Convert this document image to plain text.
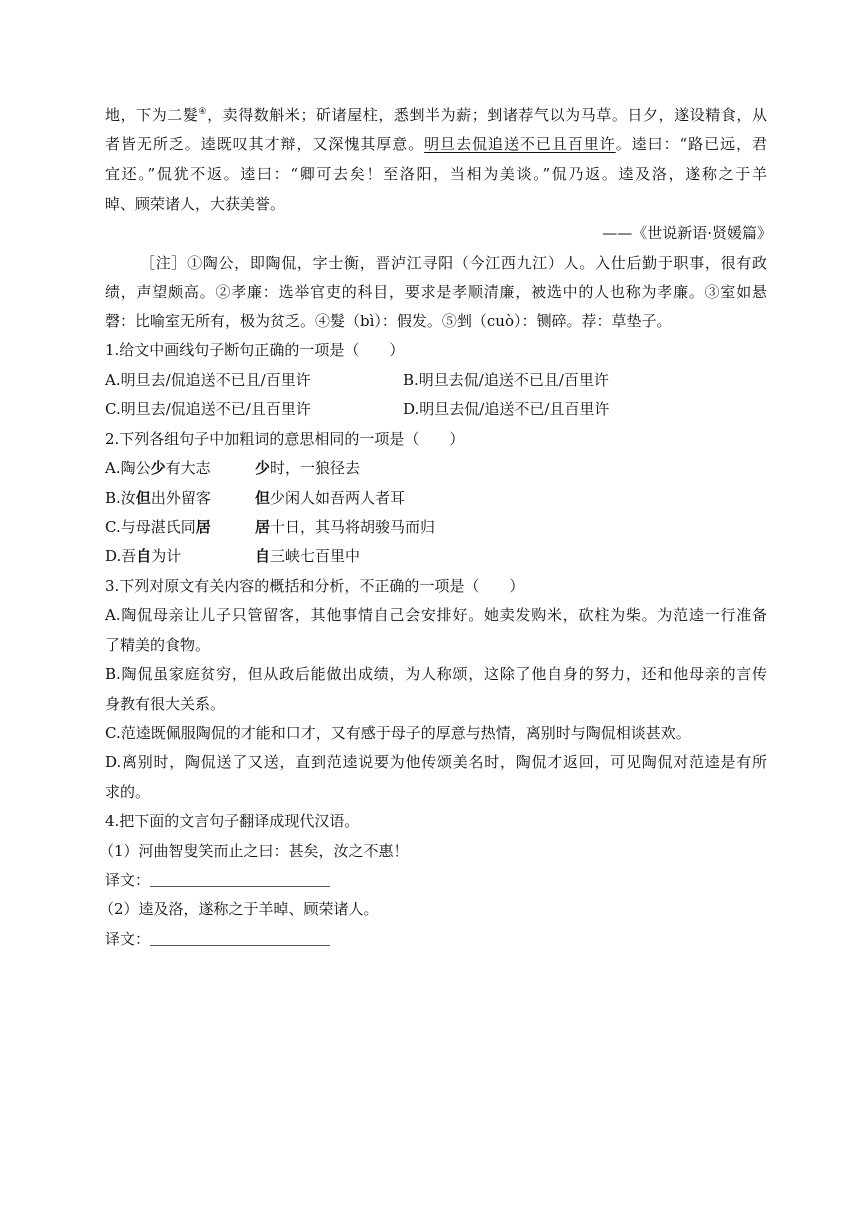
地，下为二髮④，卖得数斛米；斫诸屋柱，悉剉半为薪；剉诸荐气以为马草。日夕，遂设精食，从
者皆无所乏。逵既叹其才辩，又深愧其厚意。明旦去侃追送不已且百里许。逵曰：“路已远，君
宜还。”侃犹不返。逵曰：“卿可去矣！至洛阳，当相为美谈。”侃乃返。逵及洛，遂称之于羊
晫、顾荣诸人，大获美誉。
——《世说新语·贤媛篇》
［注］①陶公，即陶侃，字士衡，晋泸江寻阳（今江西九江）人。入仕后勤于职事，很有政
绩，声望颇高。②孝廉：选举官吏的科目，要求是孝顺清廉，被选中的人也称为孝廉。③室如悬
磬：比喻室无所有，极为贫乏。④髮（bì）：假发。⑤剉（cuò）：铡碎。荐：草垫子。
1.给文中画线句子断句正确的一项是（　　）
A.明旦去/侃追送不已且/百里许	B.明旦去侃/追送不已且/百里许
C.明旦去/侃追送不已/且百里许	D.明旦去侃/追送不已/且百里许
2.下列各组句子中加粗词的意思相同的一项是（　　）
A.陶公少有大志	少时，一狼径去
B.汝但出外留客	但少闲人如吾两人者耳
C.与母湛氏同居	居十日，其马将胡骏马而归
D.吾自为计	自三峡七百里中
3.下列对原文有关内容的概括和分析，不正确的一项是（　　）
A.陶侃母亲让儿子只管留客，其他事情自己会安排好。她卖发购米，砍柱为柴。为范逵一行准备
了精美的食物。
B.陶侃虽家庭贫穷，但从政后能做出成绩，为人称颂，这除了他自身的努力，还和他母亲的言传
身教有很大关系。
C.范逵既佩服陶侃的才能和口才，又有感于母子的厚意与热情，离别时与陶侃相谈甚欢。
D.离别时，陶侃送了又送，直到范逵说要为他传颂美名时，陶侃才返回，可见陶侃对范逵是有所
求的。
4.把下面的文言句子翻译成现代汉语。
（1）河曲智叟笑而止之曰：甚矣，汝之不惠！
译文：
（2）逵及洛，遂称之于羊晫、顾荣诸人。
译文：
